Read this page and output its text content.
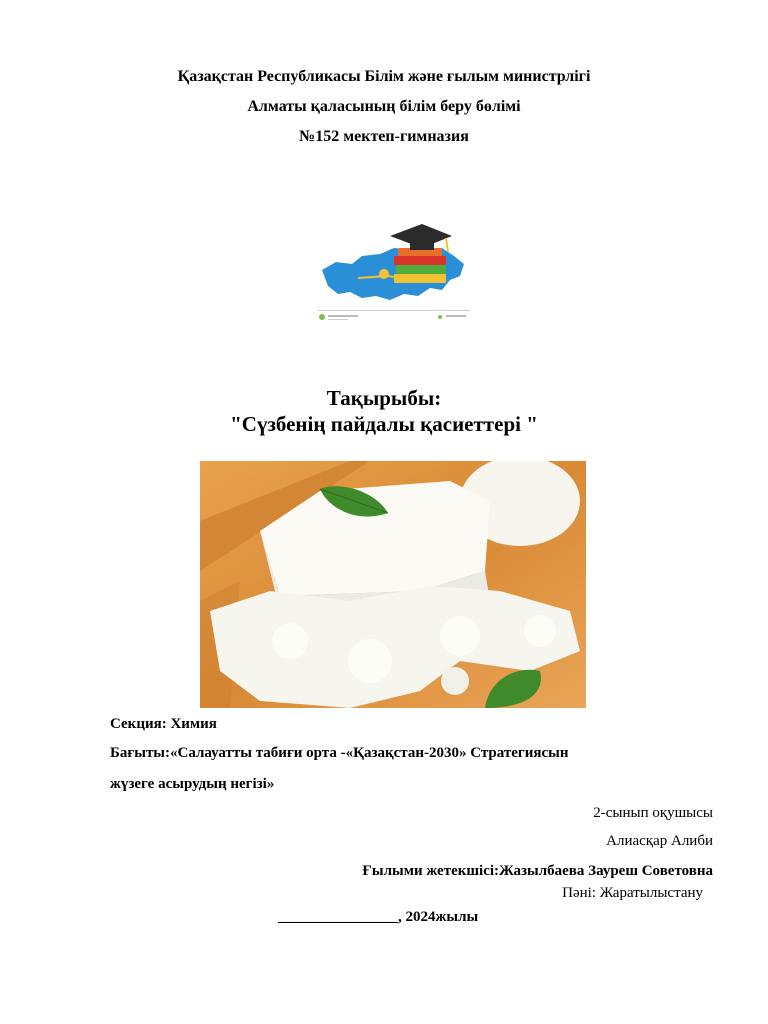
Қазақстан Республикасы Білім және ғылым министрлігі
Алматы қаласының білім беру бөлімі
№152 мектеп-гимназия
Тақырыбы:
"Сүзбенің пайдалы қасиеттері "
Секция: Химия
Бағыты:«Салауатты табиғи орта -«Қазақстан-2030» Стратегиясын
жүзеге асырудың негізі»
2-сынып оқушысы
Алиасқар Алиби
Ғылыми жетекшісі:Жазылбаева Зауреш Советовна
Пәні: Жаратылыстану
________________, 2024жылы
